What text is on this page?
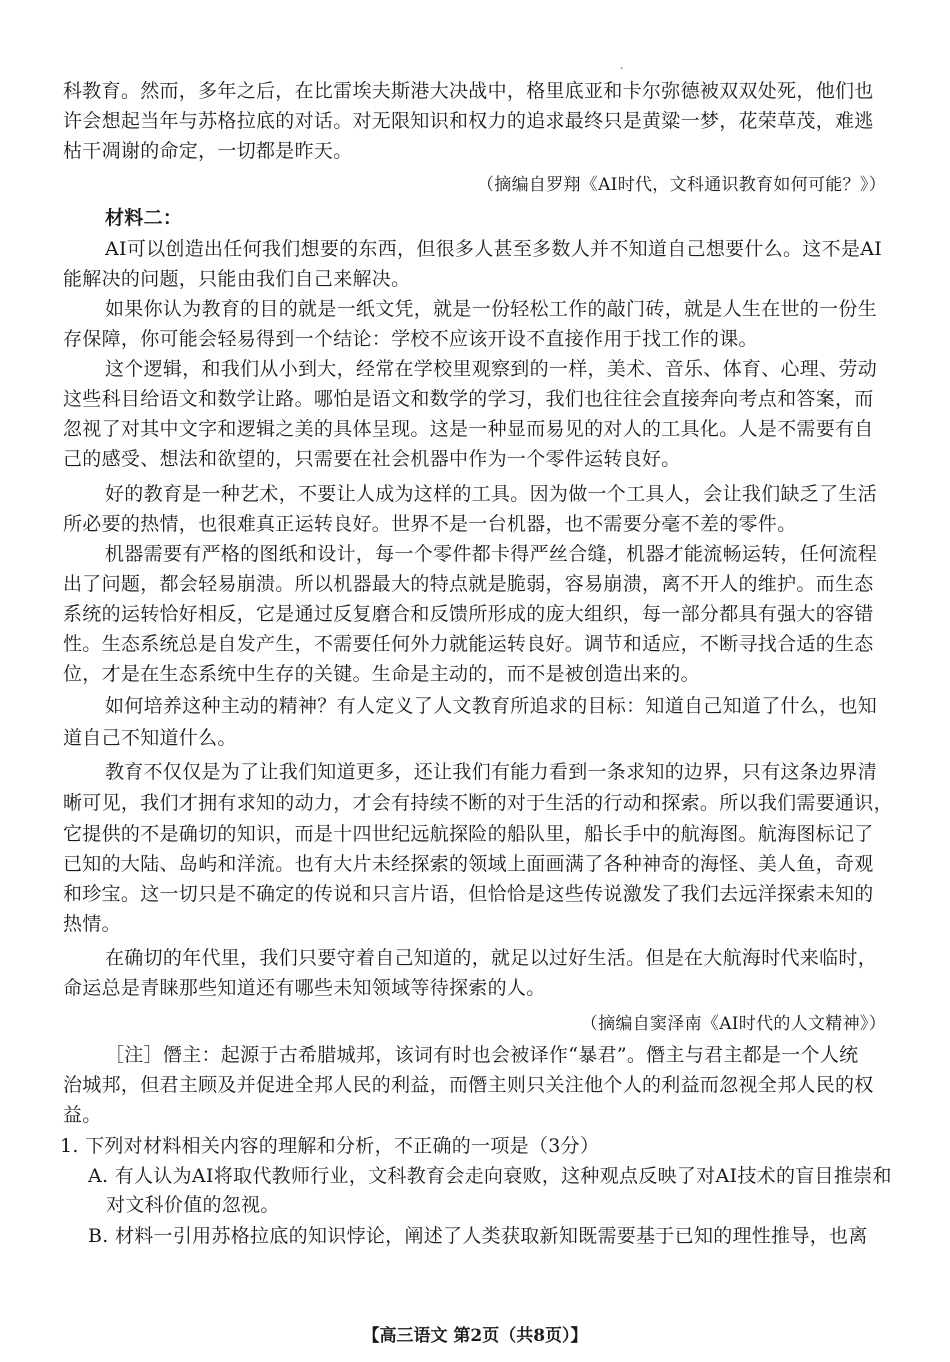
-
科教育。然而，多年之后，在比雷埃夫斯港大决战中，格里底亚和卡尔弥德被双双处死，他们也
许会想起当年与苏格拉底的对话。对无限知识和权力的追求最终只是黄粱一梦，花荣草茂，难逃
枯干凋谢的命定，一切都是昨天。
（摘编自罗翔《AI时代，文科通识教育如何可能？》）
材料二：
AI可以创造出任何我们想要的东西，但很多人甚至多数人并不知道自己想要什么。这不是AI
能解决的问题，只能由我们自己来解决。
如果你认为教育的目的就是一纸文凭，就是一份轻松工作的敲门砖，就是人生在世的一份生
存保障，你可能会轻易得到一个结论：学校不应该开设不直接作用于找工作的课。
这个逻辑，和我们从小到大，经常在学校里观察到的一样，美术、音乐、体育、心理、劳动
这些科目给语文和数学让路。哪怕是语文和数学的学习，我们也往往会直接奔向考点和答案，而
忽视了对其中文字和逻辑之美的具体呈现。这是一种显而易见的对人的工具化。人是不需要有自
己的感受、想法和欲望的，只需要在社会机器中作为一个零件运转良好。
好的教育是一种艺术，不要让人成为这样的工具。因为做一个工具人，会让我们缺乏了生活
所必要的热情，也很难真正运转良好。世界不是一台机器，也不需要分毫不差的零件。
机器需要有严格的图纸和设计，每一个零件都卡得严丝合缝，机器才能流畅运转，任何流程
出了问题，都会轻易崩溃。所以机器最大的特点就是脆弱，容易崩溃，离不开人的维护。而生态
系统的运转恰好相反，它是通过反复磨合和反馈所形成的庞大组织，每一部分都具有强大的容错
性。生态系统总是自发产生，不需要任何外力就能运转良好。调节和适应，不断寻找合适的生态
位，才是在生态系统中生存的关键。生命是主动的，而不是被创造出来的。
如何培养这种主动的精神？有人定义了人文教育所追求的目标：知道自己知道了什么，也知
道自己不知道什么。
教育不仅仅是为了让我们知道更多，还让我们有能力看到一条求知的边界，只有这条边界清
晰可见，我们才拥有求知的动力，才会有持续不断的对于生活的行动和探索。所以我们需要通识，
它提供的不是确切的知识，而是十四世纪远航探险的船队里，船长手中的航海图。航海图标记了
已知的大陆、岛屿和洋流。也有大片未经探索的领域上面画满了各种神奇的海怪、美人鱼，奇观
和珍宝。这一切只是不确定的传说和只言片语，但恰恰是这些传说激发了我们去远洋探索未知的
热情。
在确切的年代里，我们只要守着自己知道的，就足以过好生活。但是在大航海时代来临时，
命运总是青睐那些知道还有哪些未知领域等待探索的人。
（摘编自窦泽南《AI时代的人文精神》）
［注］僭主：起源于古希腊城邦，该词有时也会被译作“暴君”。僭主与君主都是一个人统
治城邦，但君主顾及并促进全邦人民的利益，而僭主则只关注他个人的利益而忽视全邦人民的权
益。
1. 下列对材料相关内容的理解和分析，不正确的一项是（3分）
A. 有人认为AI将取代教师行业，文科教育会走向衰败，这种观点反映了对AI技术的盲目推崇和
对文科价值的忽视。
B. 材料一引用苏格拉底的知识悖论，阐述了人类获取新知既需要基于已知的理性推导，也离
【高三语文 第2页（共8页）】
